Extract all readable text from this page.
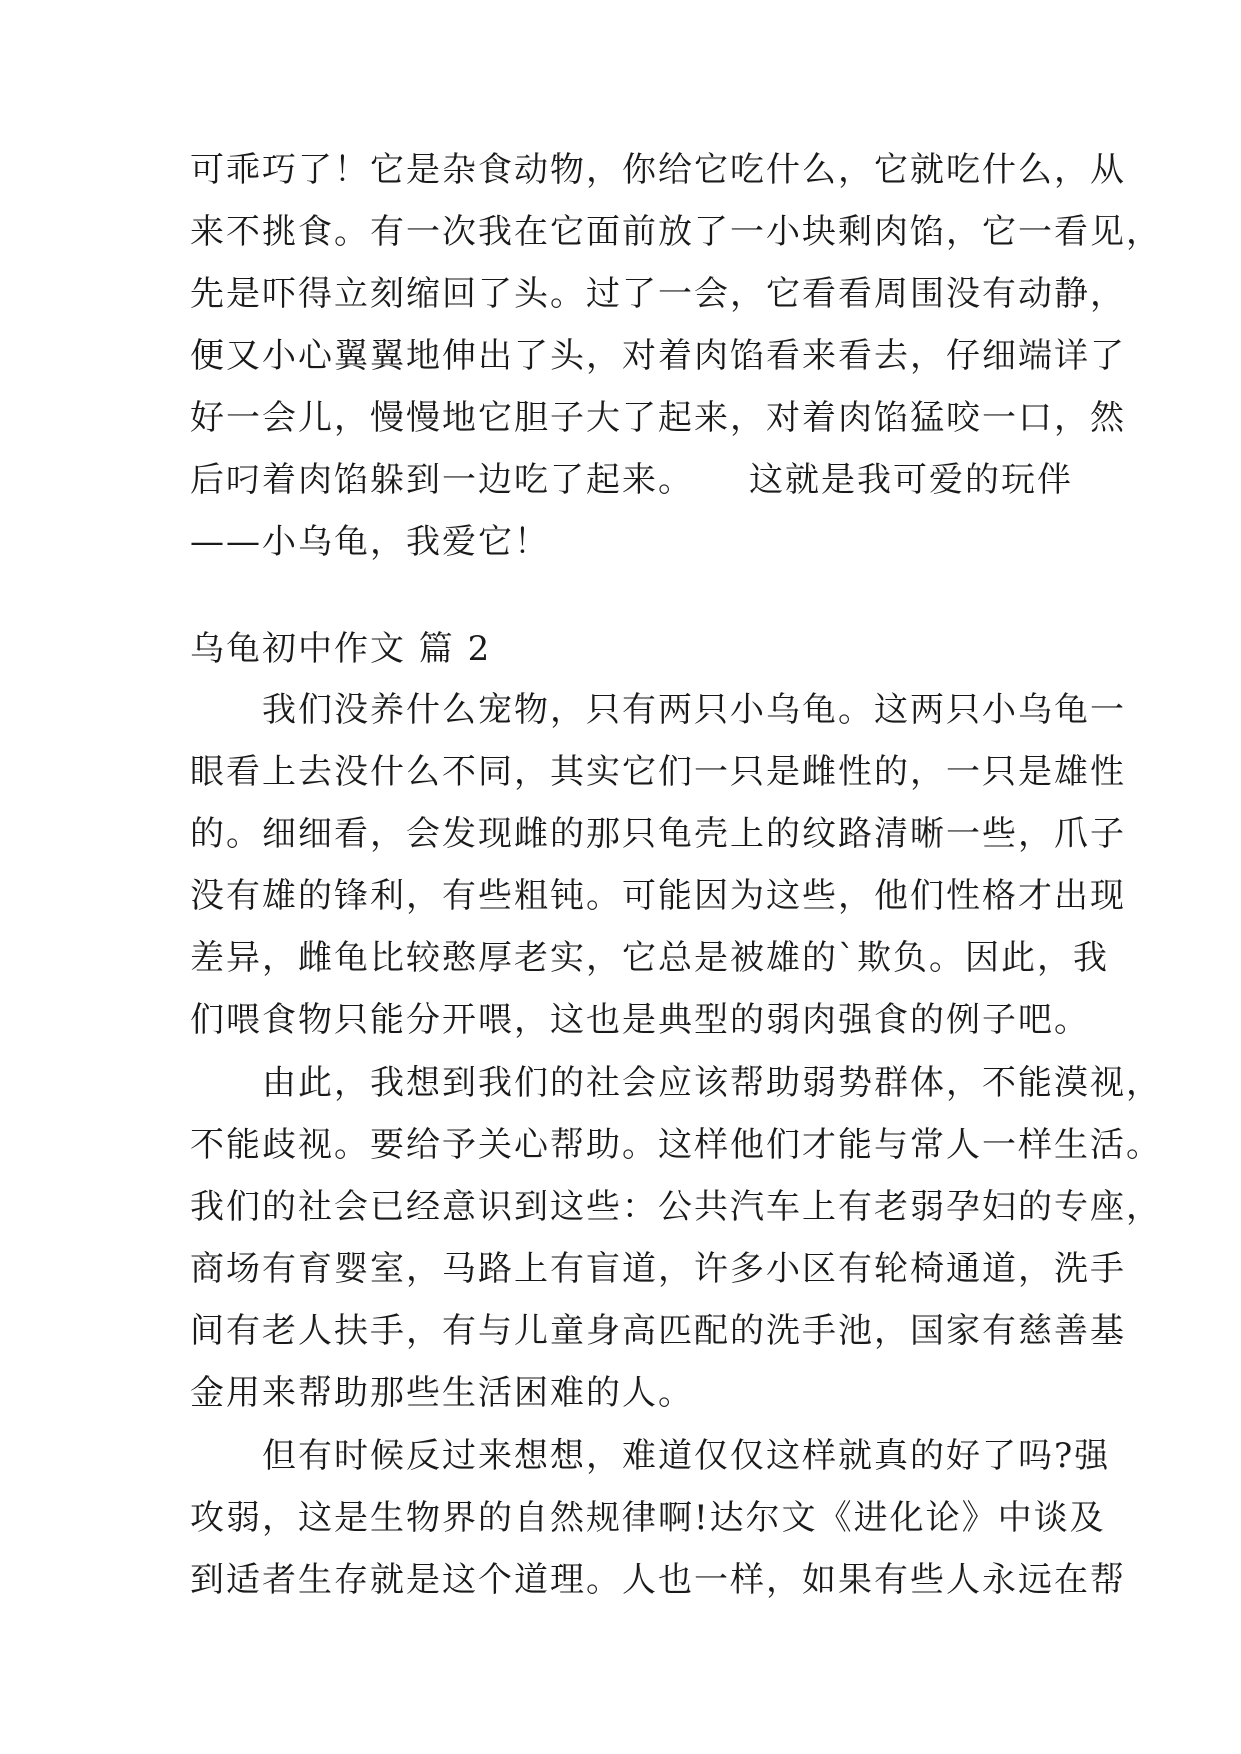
可乖巧了！它是杂食动物，你给它吃什么，它就吃什么，从
来不挑食。有一次我在它面前放了一小块剩肉馅，它一看见，
先是吓得立刻缩回了头。过了一会，它看看周围没有动静，
便又小心翼翼地伸出了头，对着肉馅看来看去，仔细端详了
好一会儿，慢慢地它胆子大了起来，对着肉馅猛咬一口，然
后叼着肉馅躲到一边吃了起来。　　这就是我可爱的玩伴
——小乌龟，我爱它！
乌龟初中作文 篇 2
　　我们没养什么宠物，只有两只小乌龟。这两只小乌龟一
眼看上去没什么不同，其实它们一只是雌性的，一只是雄性
的。细细看，会发现雌的那只龟壳上的纹路清晰一些，爪子
没有雄的锋利，有些粗钝。可能因为这些，他们性格才出现
差异，雌龟比较憨厚老实，它总是被雄的`欺负。因此，我
们喂食物只能分开喂，这也是典型的弱肉强食的例子吧。
　　由此，我想到我们的社会应该帮助弱势群体，不能漠视，
不能歧视。要给予关心帮助。这样他们才能与常人一样生活。
我们的社会已经意识到这些：公共汽车上有老弱孕妇的专座，
商场有育婴室，马路上有盲道，许多小区有轮椅通道，洗手
间有老人扶手，有与儿童身高匹配的洗手池，国家有慈善基
金用来帮助那些生活困难的人。
　　但有时候反过来想想，难道仅仅这样就真的好了吗?强
攻弱，这是生物界的自然规律啊!达尔文《进化论》中谈及
到适者生存就是这个道理。人也一样，如果有些人永远在帮
